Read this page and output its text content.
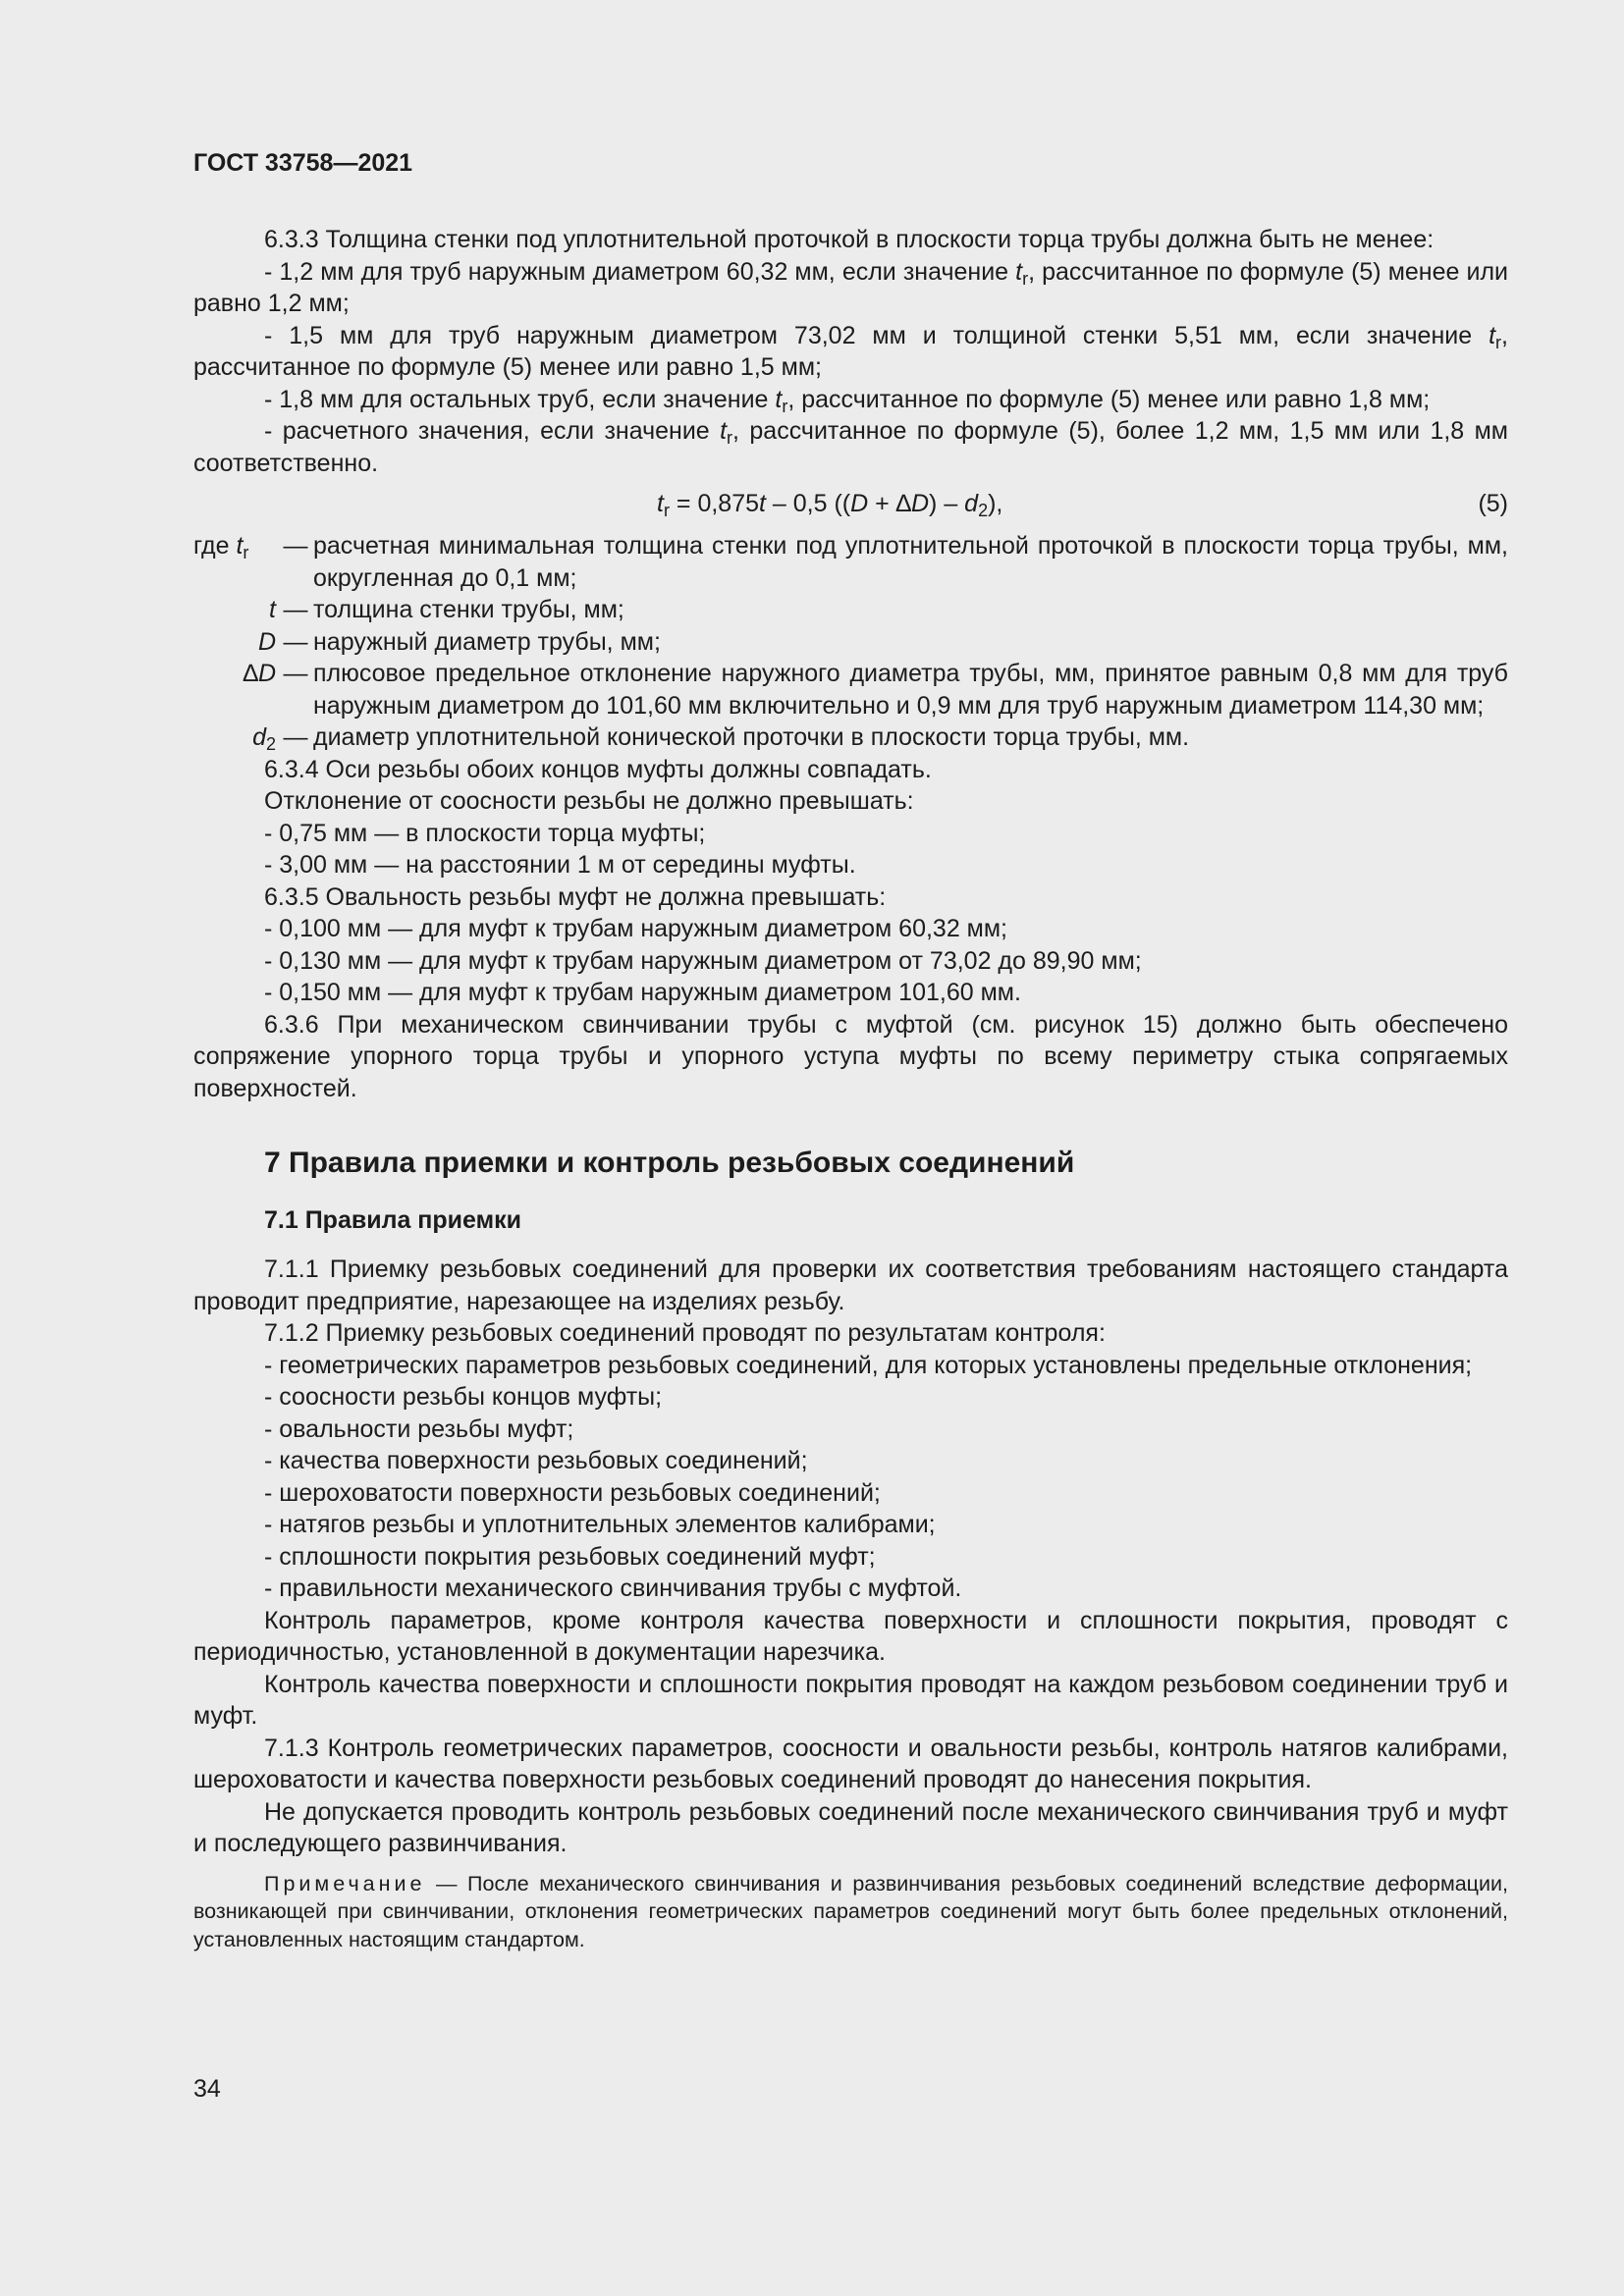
ГОСТ 33758—2021

6.3.3 Толщина стенки под уплотнительной проточкой в плоскости торца трубы должна быть не менее:

- 1,2 мм для труб наружным диаметром 60,32 мм, если значение $t_r$, рассчитанное по формуле (5) менее или равно 1,2 мм;

- 1,5 мм для труб наружным диаметром 73,02 мм и толщиной стенки 5,51 мм, если значение $t_r$, рассчитанное по формуле (5) менее или равно 1,5 мм;

- 1,8 мм для остальных труб, если значение $t_r$, рассчитанное по формуле (5) менее или равно 1,8 мм;

- расчетного значения, если значение $t_r$, рассчитанное по формуле (5), более 1,2 мм, 1,5 мм или 1,8 мм соответственно.

$t_r = 0,875t - 0,5$ $((D + \Delta D) - d_2)$,	(5)
где $t_r$	— расчетная минимальная толщина стенки под уплотнительной проточкой в плоскости торца трубы, мм, округленная до 0,1 мм;
t — толщина стенки трубы, мм;
D — наружный диаметр трубы, мм;
∆D — плюсовое предельное отклонение наружного диаметра трубы, мм, принятое равным 0,8 мм для труб наружным диаметром до 101,60 мм включительно и 0,9 мм для труб наружным диаметром 114,30 мм;
$d_2$ — диаметр уплотнительной конической проточки в плоскости торца трубы, мм.

6.3.4 Оси резьбы обоих концов муфты должны совпадать.

Отклонение от соосности резьбы не должно превышать:

- 0,75 мм — в плоскости торца муфты;

- 3,00 мм — на расстоянии 1 м от середины муфты.

6.3.5 Овальность резьбы муфт не должна превышать:

- 0,100 мм — для муфт к трубам наружным диаметром 60,32 мм;

- 0,130 мм — для муфт к трубам наружным диаметром от 73,02 до 89,90 мм;

- 0,150 мм — для муфт к трубам наружным диаметром 101,60 мм.

6.3.6 При механическом свинчивании трубы с муфтой (см. рисунок 15) должно быть обеспечено сопряжение упорного торца трубы и упорного уступа муфты по всему периметру стыка сопрягаемых поверхностей.

7 Правила приемки и контроль резьбовых соединений
7.1 Правила приемки

7.1.1 Приемку резьбовых соединений для проверки их соответствия требованиям настоящего стандарта проводит предприятие, нарезающее на изделиях резьбу.

7.1.2 Приемку резьбовых соединений проводят по результатам контроля:

- геометрических параметров резьбовых соединений, для которых установлены предельные отклонения;

- соосности резьбы концов муфты;

- овальности резьбы муфт;

- качества поверхности резьбовых соединений;

- шероховатости поверхности резьбовых соединений;

- натягов резьбы и уплотнительных элементов калибрами;

- сплошности покрытия резьбовых соединений муфт;

- правильности механического свинчивания трубы с муфтой.

Контроль параметров, кроме контроля качества поверхности и сплошности покрытия, проводят с периодичностью, установленной в документации нарезчика.

Контроль качества поверхности и сплошности покрытия проводят на каждом резьбовом соединении труб и муфт.

7.1.3 Контроль геометрических параметров, соосности и овальности резьбы, контроль натягов калибрами, шероховатости и качества поверхности резьбовых соединений проводят до нанесения покрытия.

Не допускается проводить контроль резьбовых соединений после механического свинчивания труб и муфт и последующего развинчивания.

Примечание — После механического свинчивания и развинчивания резьбовых соединений вследствие деформации, возникающей при свинчивании, отклонения геометрических параметров соединений могут быть более предельных отклонений, установленных настоящим стандартом.

34
